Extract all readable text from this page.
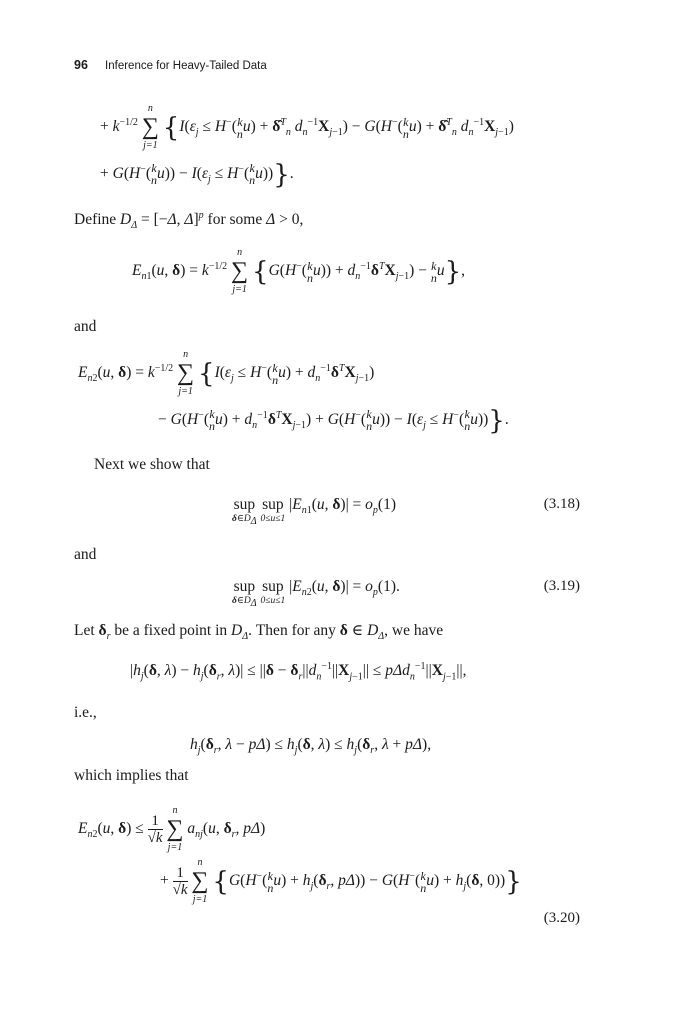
96 Inference for Heavy-Tailed Data
+ $k^{-1/2}$
n
∑
j=1
{$I(\varepsilon_j \le H^-$( k
n u) + δ̂$^T_n$ $d_n^{-1}X_{j-1}) - G(H^-$( k
n u) + δ̂$^T_n$ $d_n^{-1}X_{j-1}$)
+ G(H−( k
n $u)) - I(\varepsilon_j \le H^-$( k
n u))}.
Define $D_\Delta = [-\Delta$, Δ]$^p$ for some Δ > 0,
$E_{n1}(u$, $\delta) = k^{-1/2}$
n
∑
j=1
{G(H−( k
n $u)) + d_n^{-1}\delta^TX_{j-1}) - k$
n u},
and
$E_{n2}(u$, $\delta) = k^{-1/2}$
n
∑
j=1
{$I(\varepsilon_j \le H^-$( k
n $u) + d_n^{-1}\delta^TX_{j-1}$)
− G(H−( k
n $u) + d_n^{-1}\delta^TX_{j-1}) + G(H^-$( k
n $u)) - I(\varepsilon_j \le H^-$( k
n u))}.
Next we show that
sup
$\delta\in D_\Delta$
sup
0≤u≤1
$|E_{n1}(u$, $\delta)| = o_p(1)$	(3.18)
and
sup
$\delta\in D_\Delta$
sup
0≤u≤1
$|E_{n2}(u$, $\delta)| = o_p(1)$.	(3.19)
Let $\delta_r$ be a fixed point in $D_\Delta$. Then for any δ ∈ $D_\Delta$, we have
$|h_j(\delta$, $\lambda) - h_j(\delta_r$, $\lambda)| \le ||\delta - \delta_r||d_n^{-1}||X_{j-1}|| \le p\Delta d_n^{-1}||X_{j-1}||$,
i.e.,
$h_j(\delta_r$, $\lambda - p\Delta) \le h_j(\delta$, $\lambda) \le h_j(\delta_r$, λ + pΔ),
which implies that
$E_{n2}(u$, $\delta) \le \frac{1}{√k}$

n
∑
j=1
$a_{nj}(u$, $\delta_r$, pΔ)
+ $\frac{1}{√k}$

n
∑
j=1
{G(H−( k
n $u) + h_j(\delta_r$, pΔ)) − G(H−( k
n $u) + h_j(\delta$, 0))}
(3.20)
